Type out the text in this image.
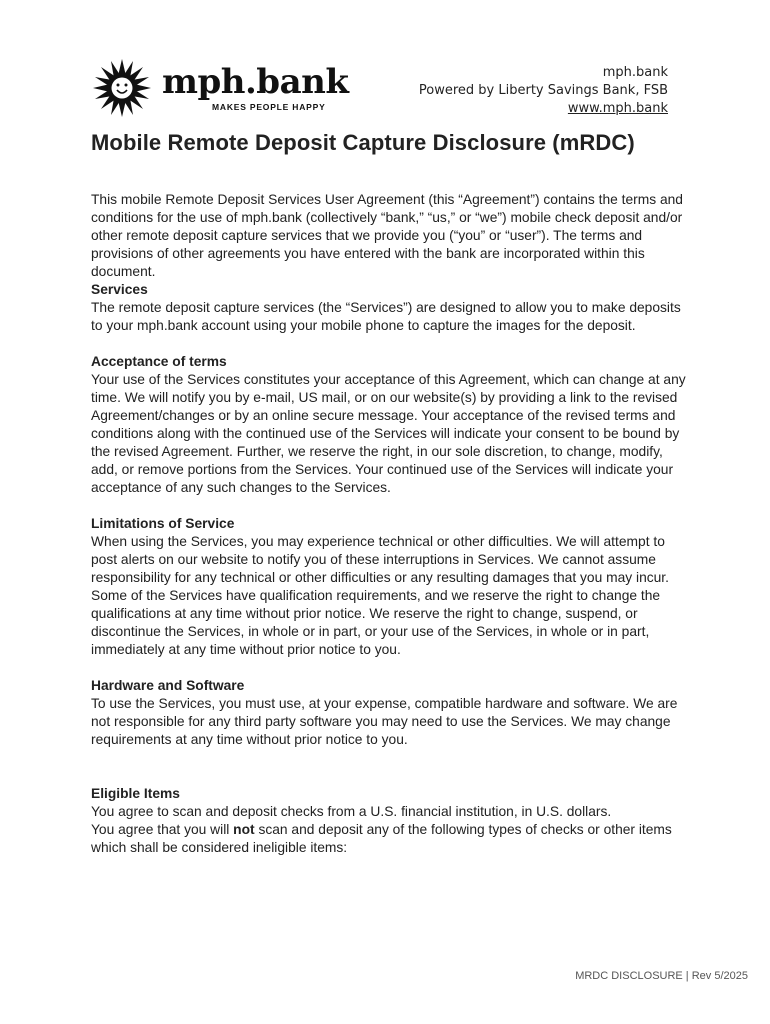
mph.bank
MAKES PEOPLE HAPPY
mph.bank
Powered by Liberty Savings Bank, FSB
www.mph.bank
Mobile Remote Deposit Capture Disclosure (mRDC)

This mobile Remote Deposit Services User Agreement (this “Agreement”) contains the terms and conditions for the use of mph.bank (collectively “bank,” “us,” or “we”) mobile check deposit and/or other remote deposit capture services that we provide you (“you” or “user”). The terms and provisions of other agreements you have entered with the bank are incorporated within this document.

Services

The remote deposit capture services (the “Services”) are designed to allow you to make deposits to your mph.bank account using your mobile phone to capture the images for the deposit.

Acceptance of terms

Your use of the Services constitutes your acceptance of this Agreement, which can change at any time. We will notify you by e-mail, US mail, or on our website(s) by providing a link to the revised Agreement/changes or by an online secure message. Your acceptance of the revised terms and conditions along with the continued use of the Services will indicate your consent to be bound by the revised Agreement. Further, we reserve the right, in our sole discretion, to change, modify, add, or remove portions from the Services. Your continued use of the Services will indicate your acceptance of any such changes to the Services.

Limitations of Service

When using the Services, you may experience technical or other difficulties. We will attempt to post alerts on our website to notify you of these interruptions in Services. We cannot assume responsibility for any technical or other difficulties or any resulting damages that you may incur. Some of the Services have qualification requirements, and we reserve the right to change the qualifications at any time without prior notice. We reserve the right to change, suspend, or discontinue the Services, in whole or in part, or your use of the Services, in whole or in part, immediately at any time without prior notice to you.

Hardware and Software

To use the Services, you must use, at your expense, compatible hardware and software. We are not responsible for any third party software you may need to use the Services. We may change requirements at any time without prior notice to you.

Eligible Items

You agree to scan and deposit checks from a U.S. financial institution, in U.S. dollars.

You agree that you will not scan and deposit any of the following types of checks or other items which shall be considered ineligible items:

MRDC DISCLOSURE | Rev 5/2025
